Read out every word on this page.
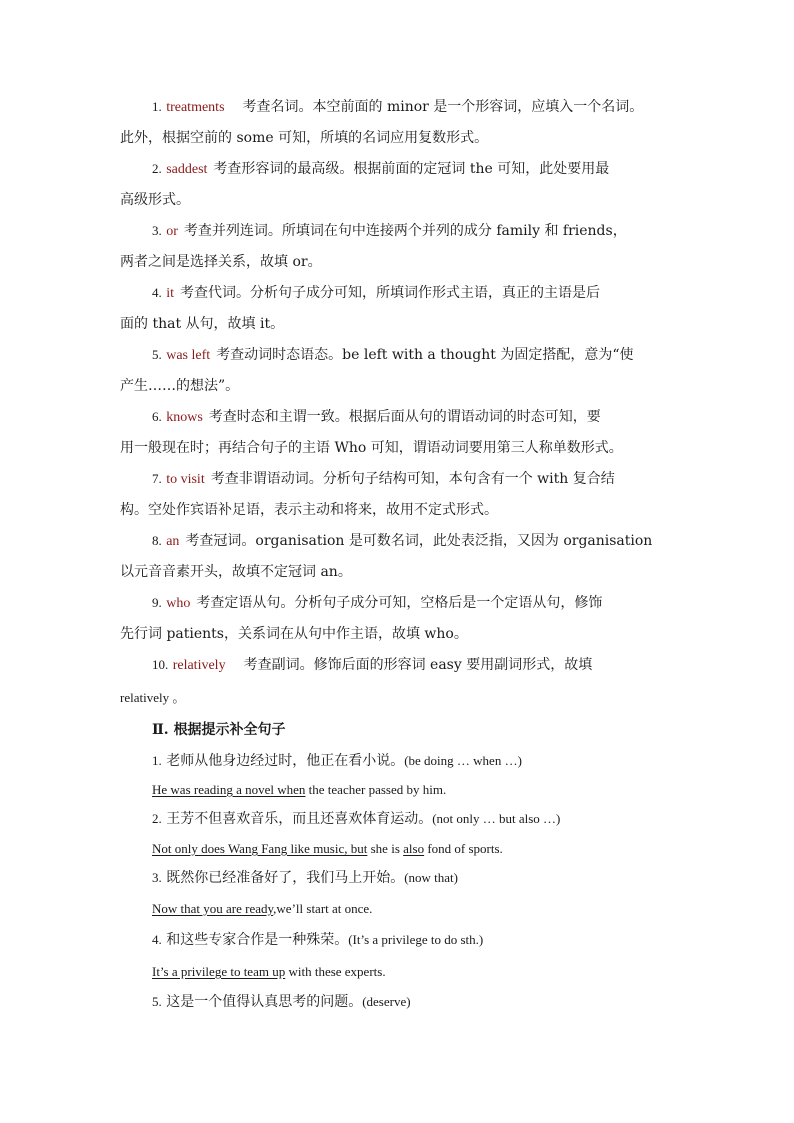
1. treatments 考查名词。本空前面的 minor 是一个形容词，应填入一个名词。
此外，根据空前的 some 可知，所填的名词应用复数形式。
2. saddest 考查形容词的最高级。根据前面的定冠词 the 可知，此处要用最
高级形式。
3. or 考查并列连词。所填词在句中连接两个并列的成分 family 和 friends，
两者之间是选择关系，故填 or。
4. it 考查代词。分析句子成分可知，所填词作形式主语，真正的主语是后
面的 that 从句，故填 it。
5. was left 考查动词时态语态。be left with a thought 为固定搭配，意为“使
产生……的想法”。
6. knows 考查时态和主谓一致。根据后面从句的谓语动词的时态可知，要
用一般现在时；再结合句子的主语 Who 可知，谓语动词要用第三人称单数形式。
7. to visit 考查非谓语动词。分析句子结构可知，本句含有一个 with 复合结
构。空处作宾语补足语，表示主动和将来，故用不定式形式。
8. an 考查冠词。organisation 是可数名词，此处表泛指，又因为 organisation
以元音音素开头，故填不定冠词 an。
9. who 考查定语从句。分析句子成分可知，空格后是一个定语从句，修饰
先行词 patients，关系词在从句中作主语，故填 who。
10. relatively 考查副词。修饰后面的形容词 easy 要用副词形式，故填
relatively 。
Ⅱ. 根据提示补全句子
1. 老师从他身边经过时，他正在看小说。(be doing … when …)
He was reading a novel when the teacher passed by him.
2. 王芳不但喜欢音乐，而且还喜欢体育运动。(not only … but also …)
Not only does Wang Fang like music, but she is also fond of sports.
3. 既然你已经准备好了，我们马上开始。(now that)
Now that you are ready,we’ll start at once.
4. 和这些专家合作是一种殊荣。(It’s a privilege to do sth.)
It’s a privilege to team up with these experts.
5. 这是一个值得认真思考的问题。(deserve)
